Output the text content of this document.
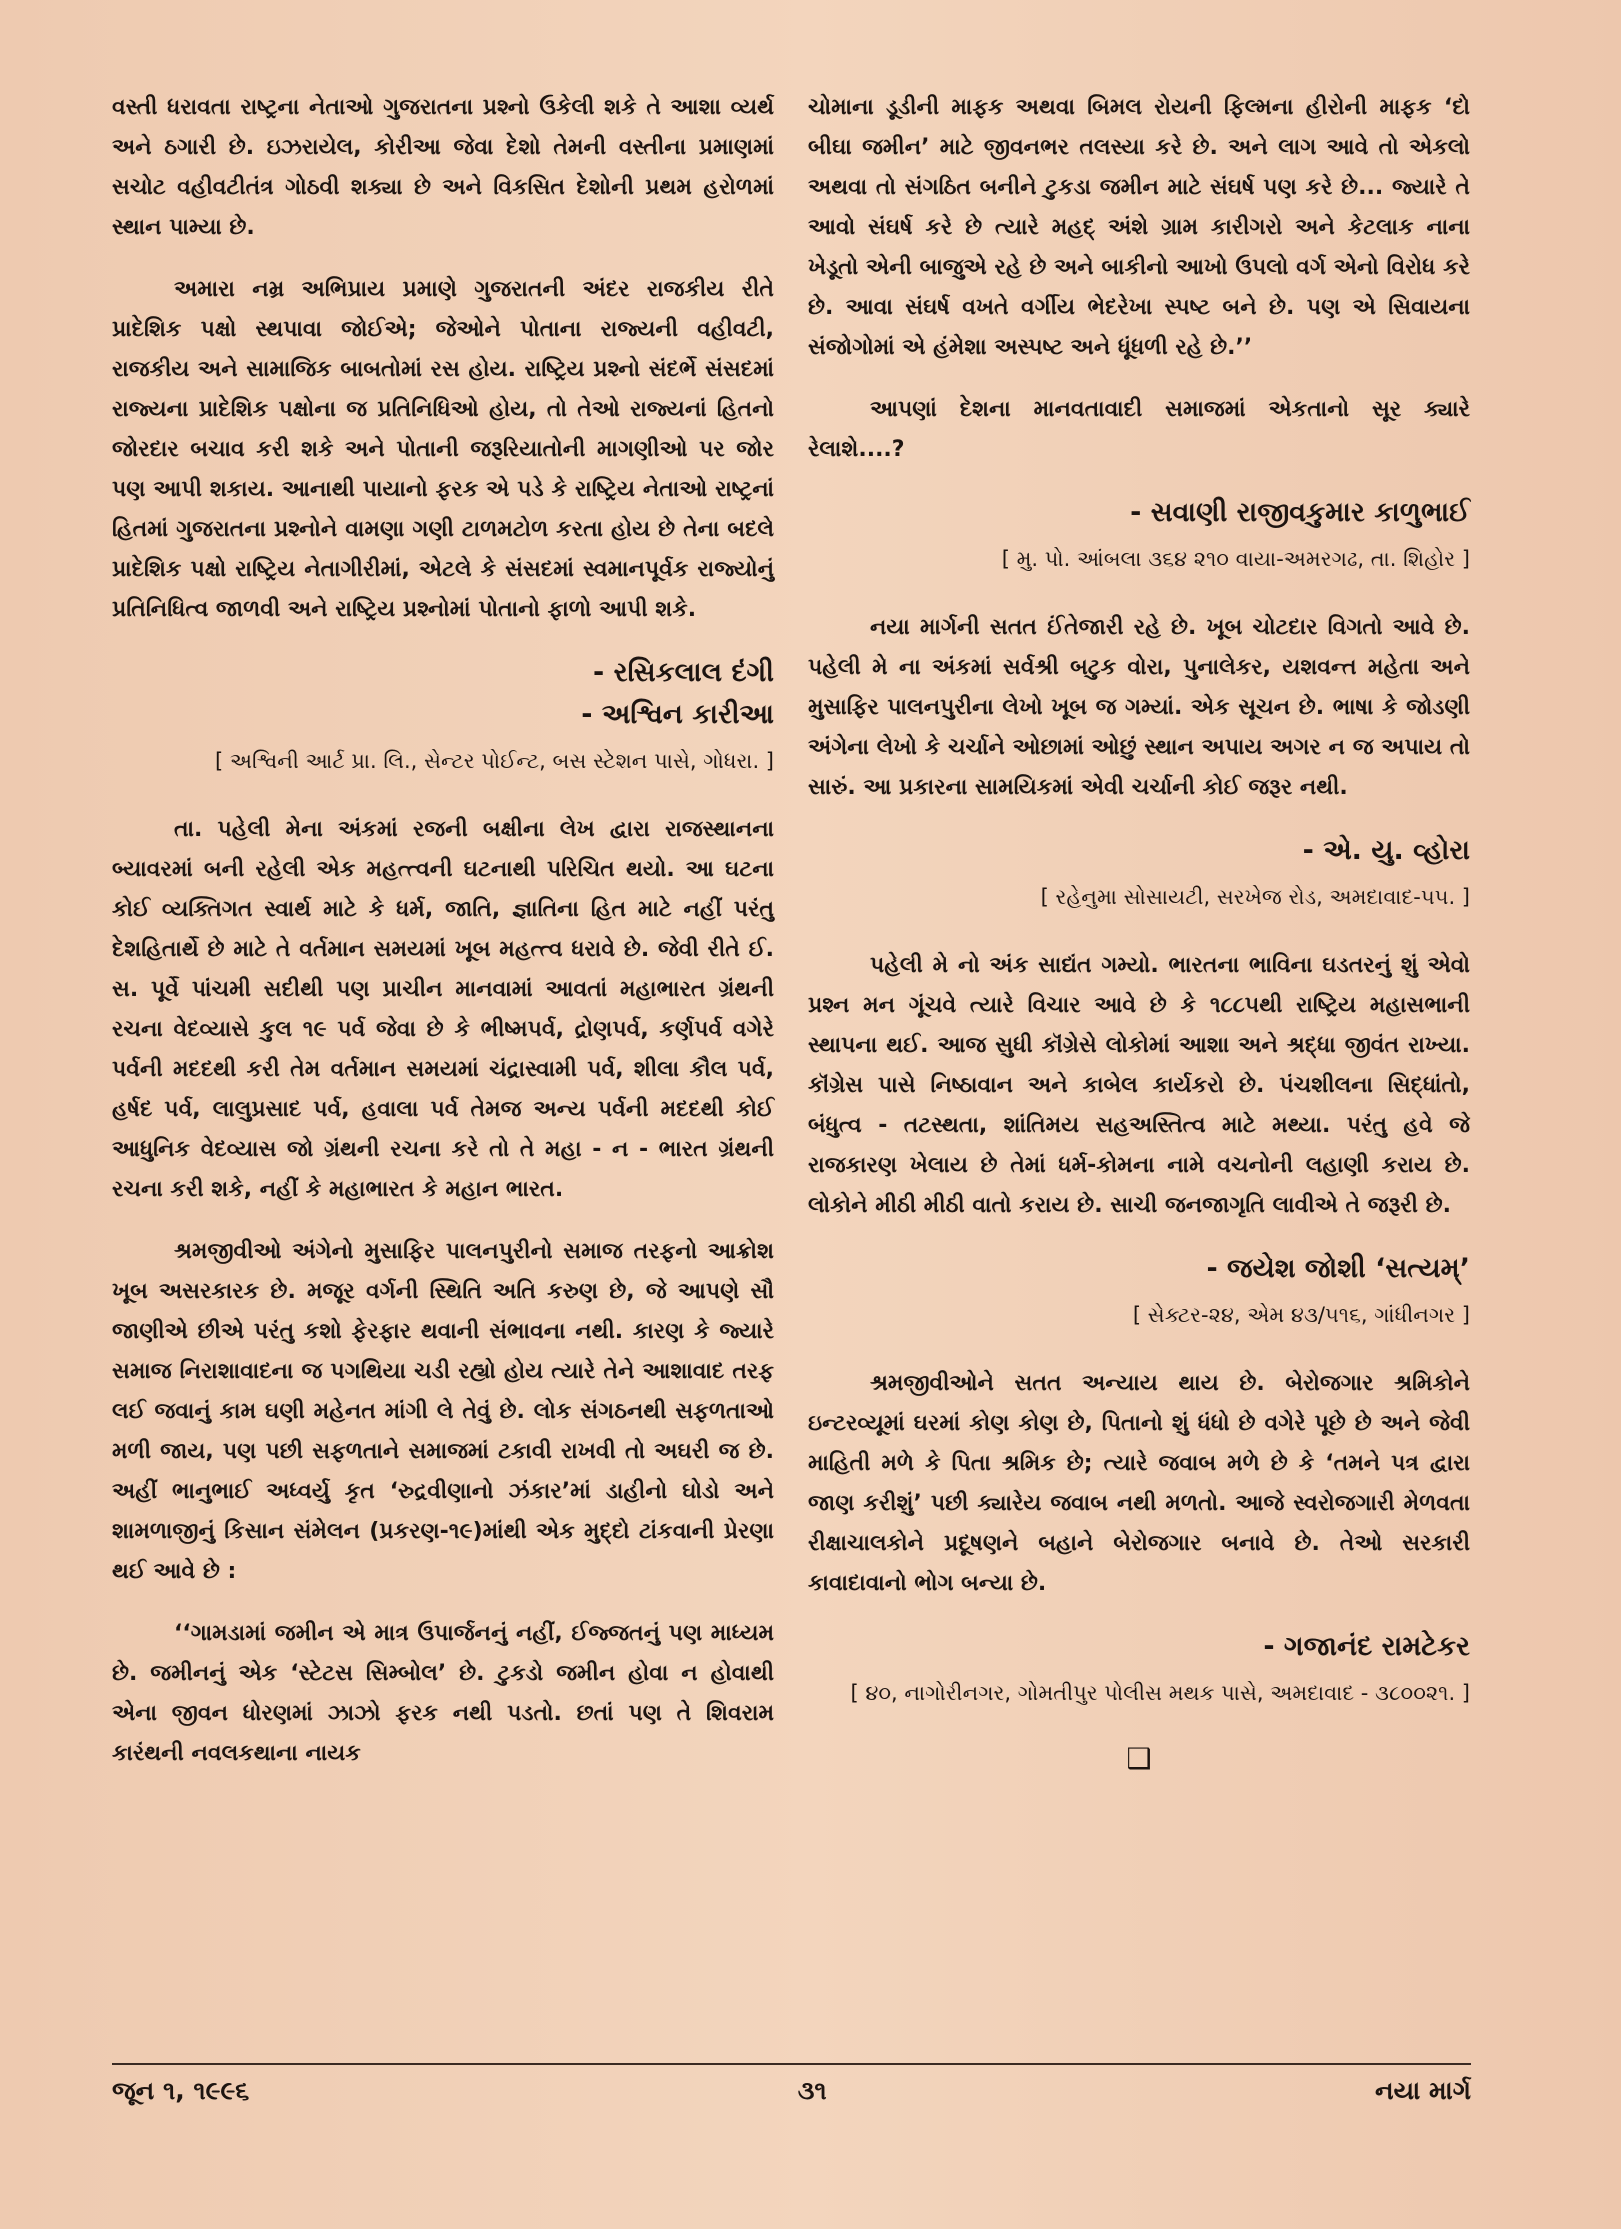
વસ્તી ધરાવતા રાષ્ટ્રના નેતાઓ ગુજરાતના પ્રશ્નો ઉકેલી શકે તે આશા વ્યર્થ અને ઠગારી છે. ઇઝરાયેલ, કોરીઆ જેવા દેશો તેમની વસ્તીના પ્રમાણમાં સચોટ વહીવટીતંત્ર ગોઠવી શક્યા છે અને વિકસિત દેશોની પ્રથમ હરોળમાં સ્થાન પામ્યા છે.

અમારા નમ્ર અભિપ્રાય પ્રમાણે ગુજરાતની અંદર રાજકીય રીતે પ્રાદેશિક પક્ષો સ્થપાવા જોઈએ; જેઓને પોતાના રાજ્યની વહીવટી, રાજકીય અને સામાજિક બાબતોમાં રસ હોય. રાષ્ટ્રિય પ્રશ્નો સંદર્ભે સંસદમાં રાજ્યના પ્રાદેશિક પક્ષોના જ પ્રતિનિધિઓ હોય, તો તેઓ રાજ્યનાં હિતનો જોરદાર બચાવ કરી શકે અને પોતાની જરૂરિયાતોની માગણીઓ પર જોર પણ આપી શકાય. આનાથી પાયાનો ફરક એ પડે કે રાષ્ટ્રિય નેતાઓ રાષ્ટ્રનાં હિતમાં ગુજરાતના પ્રશ્નોને વામણા ગણી ટાળમટોળ કરતા હોય છે તેના બદલે પ્રાદેશિક પક્ષો રાષ્ટ્રિય નેતાગીરીમાં, એટલે કે સંસદમાં સ્વમાનપૂર્વક રાજ્યોનું પ્રતિનિધિત્વ જાળવી અને રાષ્ટ્રિય પ્રશ્નોમાં પોતાનો ફાળો આપી શકે.

- રસિકલાલ દંગી

- અશ્વિન કારીઆ

[ અશ્વિની આર્ટ પ્રા. લિ., સેન્ટર પોઈન્ટ, બસ સ્ટેશન પાસે, ગોધરા. ]

તા. પહેલી મેના અંકમાં રજની બક્ષીના લેખ દ્વારા રાજસ્થાનના બ્યાવરમાં બની રહેલી એક મહત્ત્વની ઘટનાથી પરિચિત થયો. આ ઘટના કોઈ વ્યક્તિગત સ્વાર્થ માટે કે ધર્મ, જાતિ, જ્ઞાતિના હિત માટે નહીં પરંતુ દેશહિતાર્થે છે માટે તે વર્તમાન સમયમાં ખૂબ મહત્ત્વ ધરાવે છે. જેવી રીતે ઈ. સ. પૂર્વે પાંચમી સદીથી પણ પ્રાચીન માનવામાં આવતાં મહાભારત ગ્રંથની રચના વેદવ્યાસે કુલ ૧૯ પર્વ જેવા છે કે ભીષ્મપર્વ, દ્રોણપર્વ, કર્ણપર્વ વગેરે પર્વની મદદથી કરી તેમ વર્તમાન સમયમાં ચંદ્રાસ્વામી પર્વ, શીલા કૌલ પર્વ, હર્ષદ પર્વ, લાલુપ્રસાદ પર્વ, હવાલા પર્વ તેમજ અન્ય પર્વની મદદથી કોઈ આધુનિક વેદવ્યાસ જો ગ્રંથની રચના કરે તો તે મહા - ન - ભારત ગ્રંથની રચના કરી શકે, નહીં કે મહાભારત કે મહાન ભારત.

શ્રમજીવીઓ અંગેનો મુસાફિર પાલનપુરીનો સમાજ તરફનો આક્રોશ ખૂબ અસરકારક છે. મજૂર વર્ગની સ્થિતિ અતિ કરુણ છે, જે આપણે સૌ જાણીએ છીએ પરંતુ કશો ફેરફાર થવાની સંભાવના નથી. કારણ કે જ્યારે સમાજ નિરાશાવાદના જ પગથિયા ચડી રહ્યો હોય ત્યારે તેને આશાવાદ તરફ લઈ જવાનું કામ ઘણી મહેનત માંગી લે તેવું છે. લોક સંગઠનથી સફળતાઓ મળી જાય, પણ પછી સફળતાને સમાજમાં ટકાવી રાખવી તો અઘરી જ છે. અહીં ભાનુભાઈ અધ્વર્યુ કૃત ‘રુદ્રવીણાનો ઝંકાર’માં ડાહીનો ઘોડો અને શામળાજીનું કિસાન સંમેલન (પ્રકરણ-૧૯)માંથી એક મુદ્દો ટાંકવાની પ્રેરણા થઈ આવે છે :

‘‘ગામડામાં જમીન એ માત્ર ઉપાર્જનનું નહીં, ઈજ્જતનું પણ માધ્યમ છે. જમીનનું એક ‘સ્ટેટસ સિમ્બોલ’ છે. ટુકડો જમીન હોવા ન હોવાથી એના જીવન ધોરણમાં ઝાઝો ફરક નથી પડતો. છતાં પણ તે શિવરામ કારંથની નવલકથાના નાયક

ચોમાના ડૂડીની માફક અથવા બિમલ રોયની ફિલ્મના હીરોની માફક ‘દો બીઘા જમીન’ માટે જીવનભર તલસ્યા કરે છે. અને લાગ આવે તો એકલો અથવા તો સંગઠિત બનીને ટુકડા જમીન માટે સંઘર્ષ પણ કરે છે... જ્યારે તે આવો સંઘર્ષ કરે છે ત્યારે મહદ્ અંશે ગ્રામ કારીગરો અને કેટલાક નાના ખેડૂતો એની બાજુએ રહે છે અને બાકીનો આખો ઉપલો વર્ગ એનો વિરોધ કરે છે. આવા સંઘર્ષ વખતે વર્ગીય ભેદરેખા સ્પષ્ટ બને છે. પણ એ સિવાયના સંજોગોમાં એ હંમેશા અસ્પષ્ટ અને ધૂંધળી રહે છે.’’

આપણાં દેશના માનવતાવાદી સમાજમાં એકતાનો સૂર ક્યારે રેલાશે....?

- સવાણી રાજીવકુમાર કાળુભાઈ

[ મુ. પો. આંબલા ૩૬૪ ૨૧૦ વાયા-અમરગઢ, તા. શિહોર ]

નયા માર્ગની સતત ઈંતેજારી રહે છે. ખૂબ ચોટદાર વિગતો આવે છે. પહેલી મે ના અંકમાં સર્વશ્રી બટુક વોરા, પુનાલેકર, યશવન્ત મહેતા અને મુસાફિર પાલનપુરીના લેખો ખૂબ જ ગમ્યાં. એક સૂચન છે. ભાષા કે જોડણી અંગેના લેખો કે ચર્ચાને ઓછામાં ઓછું સ્થાન અપાય અગર ન જ અપાય તો સારું. આ પ્રકારના સામયિકમાં એવી ચર્ચાની કોઈ જરૂર નથી.

- એ. યુ. વ્હોરા

[ રહેનુમા સોસાયટી, સરખેજ રોડ, અમદાવાદ-૫૫. ]

પહેલી મે નો અંક સાદ્યંત ગમ્યો. ભારતના ભાવિના ઘડતરનું શું એવો પ્રશ્ન મન ગૂંચવે ત્યારે વિચાર આવે છે કે ૧૮૮૫થી રાષ્ટ્રિય મહાસભાની સ્થાપના થઈ. આજ સુધી કૉંગ્રેસે લોકોમાં આશા અને શ્રદ્ધા જીવંત રાખ્યા. કૉંગ્રેસ પાસે નિષ્ઠાવાન અને કાબેલ કાર્યકરો છે. પંચશીલના સિદ્ધાંતો, બંધુત્વ - તટસ્થતા, શાંતિમય સહઅસ્તિત્વ માટે મથ્યા. પરંતુ હવે જે રાજકારણ ખેલાય છે તેમાં ધર્મ-કોમના નામે વચનોની લહાણી કરાય છે. લોકોને મીઠી મીઠી વાતો કરાય છે. સાચી જનજાગૃતિ લાવીએ તે જરૂરી છે.

- જયેશ જોશી ‘સત્યમ્’

[ સેક્ટર-૨૪, એમ ૪૩/૫૧૬, ગાંધીનગર ]

શ્રમજીવીઓને સતત અન્યાય થાય છે. બેરોજગાર શ્રમિકોને ઇન્ટરવ્યૂમાં ઘરમાં કોણ કોણ છે, પિતાનો શું ધંધો છે વગેરે પૂછે છે અને જેવી માહિતી મળે કે પિતા શ્રમિક છે; ત્યારે જવાબ મળે છે કે ‘તમને પત્ર દ્વારા જાણ કરીશું’ પછી ક્યારેય જવાબ નથી મળતો. આજે સ્વરોજગારી મેળવતા રીક્ષાચાલકોને પ્રદૂષણને બહાને બેરોજગાર બનાવે છે. તેઓ સરકારી કાવાદાવાનો ભોગ બન્યા છે.

- ગજાનંદ રામટેકર

[ ૪૦, નાગોરીનગર, ગોમતીપુર પોલીસ મથક પાસે, અમદાવાદ - ૩૮૦૦૨૧. ]

❑
જૂન ૧, ૧૯૯૬	૩૧	નયા માર્ગ
